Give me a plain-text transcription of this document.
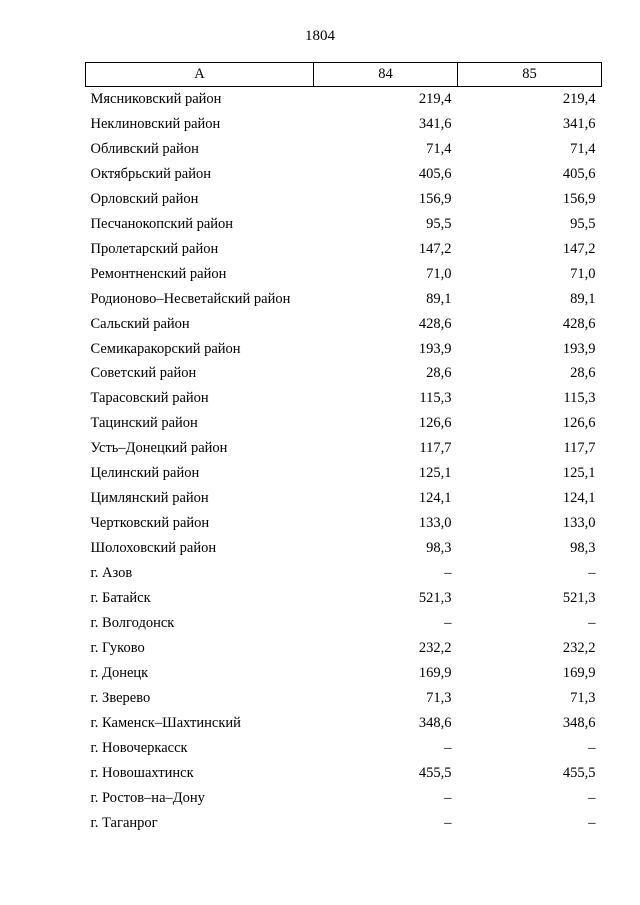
1804
А	84	85
Мясниковский район	219,4	219,4
Неклиновский район	341,6	341,6
Обливский район	71,4	71,4
Октябрьский район	405,6	405,6
Орловский район	156,9	156,9
Песчанокопский район	95,5	95,5
Пролетарский район	147,2	147,2
Ремонтненский район	71,0	71,0
Родионово–Несветайский район	89,1	89,1
Сальский район	428,6	428,6
Семикаракорский район	193,9	193,9
Советский район	28,6	28,6
Тарасовский район	115,3	115,3
Тацинский район	126,6	126,6
Усть–Донецкий район	117,7	117,7
Целинский район	125,1	125,1
Цимлянский район	124,1	124,1
Чертковский район	133,0	133,0
Шолоховский район	98,3	98,3
г. Азов	–	–
г. Батайск	521,3	521,3
г. Волгодонск	–	–
г. Гуково	232,2	232,2
г. Донецк	169,9	169,9
г. Зверево	71,3	71,3
г. Каменск–Шахтинский	348,6	348,6
г. Новочеркасск	–	–
г. Новошахтинск	455,5	455,5
г. Ростов–на–Дону	–	–
г. Таганрог	–	–
